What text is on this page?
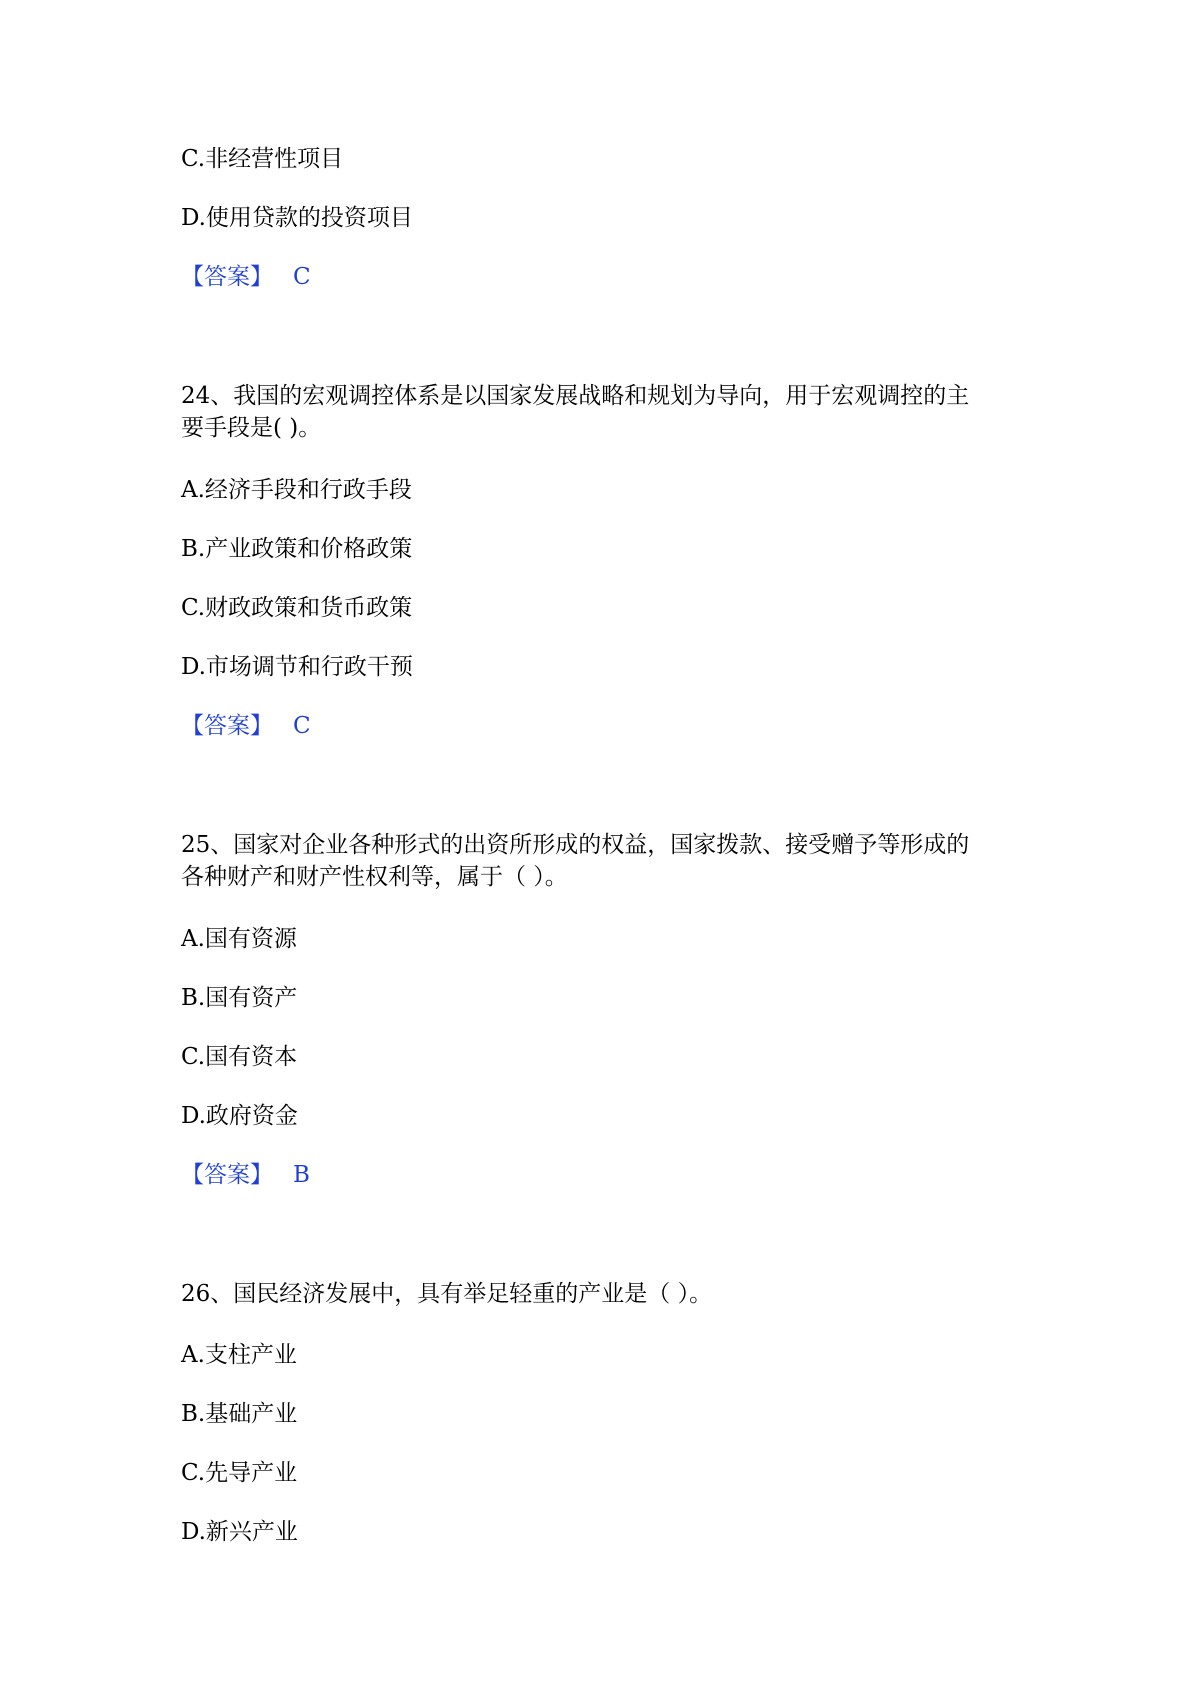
C.非经营性项目
D.使用贷款的投资项目
【答案】 C
24、我国的宏观调控体系是以国家发展战略和规划为导向，用于宏观调控的主
要手段是( )。
A.经济手段和行政手段
B.产业政策和价格政策
C.财政政策和货币政策
D.市场调节和行政干预
【答案】 C
25、国家对企业各种形式的出资所形成的权益，国家拨款、接受赠予等形成的
各种财产和财产性权利等，属于（ ）。
A.国有资源
B.国有资产
C.国有资本
D.政府资金
【答案】 B
26、国民经济发展中，具有举足轻重的产业是（ ）。
A.支柱产业
B.基础产业
C.先导产业
D.新兴产业
